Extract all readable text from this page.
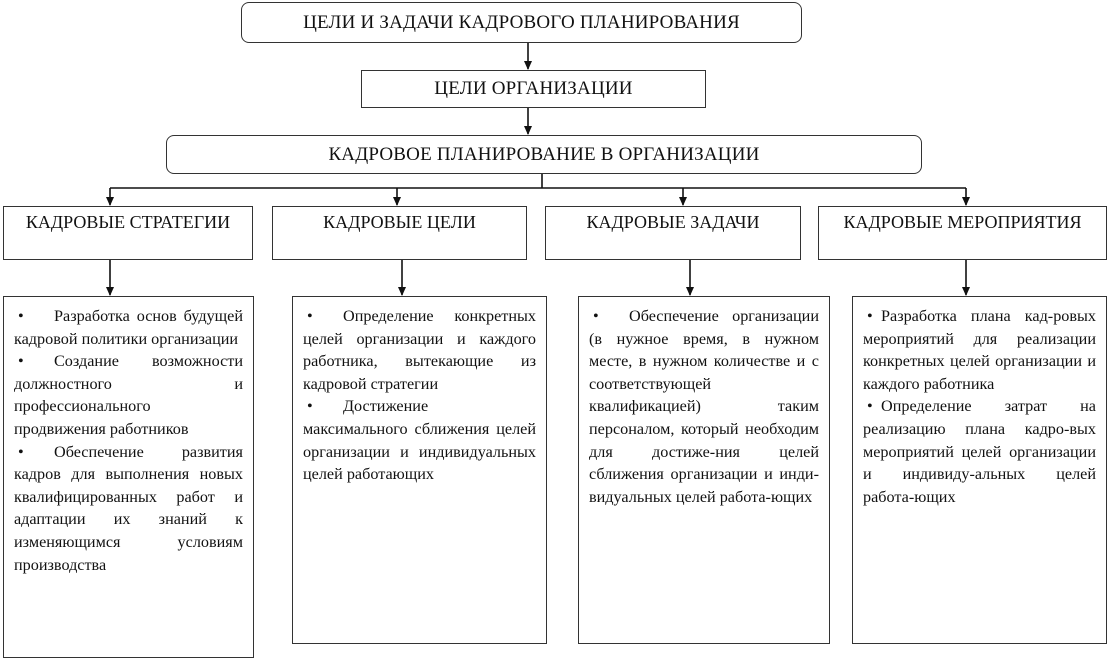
ЦЕЛИ И ЗАДАЧИ КАДРОВОГО ПЛАНИРОВАНИЯ
ЦЕЛИ ОРГАНИЗАЦИИ
КАДРОВОЕ ПЛАНИРОВАНИЕ В ОРГАНИЗАЦИИ
КАДРОВЫЕ СТРАТЕГИИ	КАДРОВЫЕ ЦЕЛИ	КАДРОВЫЕ ЗАДАЧИ	КАДРОВЫЕ МЕРОПРИЯТИЯ

• Разработка основ будущей кадровой политики организации

• Создание возможности должностного и профессионального продвижения работников

• Обеспечение развития кадров для выполнения новых квалифицированных работ и адаптации их знаний к изменяющимся условиям производства

• Определение конкретных целей организации и каждого работника, вытекающие из кадровой стратегии

• Достижение максимального сближения целей организации и индивидуальных целей работающих

• Обеспечение организации (в нужное время, в нужном месте, в нужном количестве и с соответствующей квалификацией) таким персоналом, который необходим для достиже-ния целей сближения организации и инди-видуальных целей работа-ющих

• Разработка плана кад-ровых мероприятий для реализации конкретных целей организации и каждого работника

• Определение затрат на реализацию плана кадро-вых мероприятий целей организации и индивиду-альных целей работа-ющих
